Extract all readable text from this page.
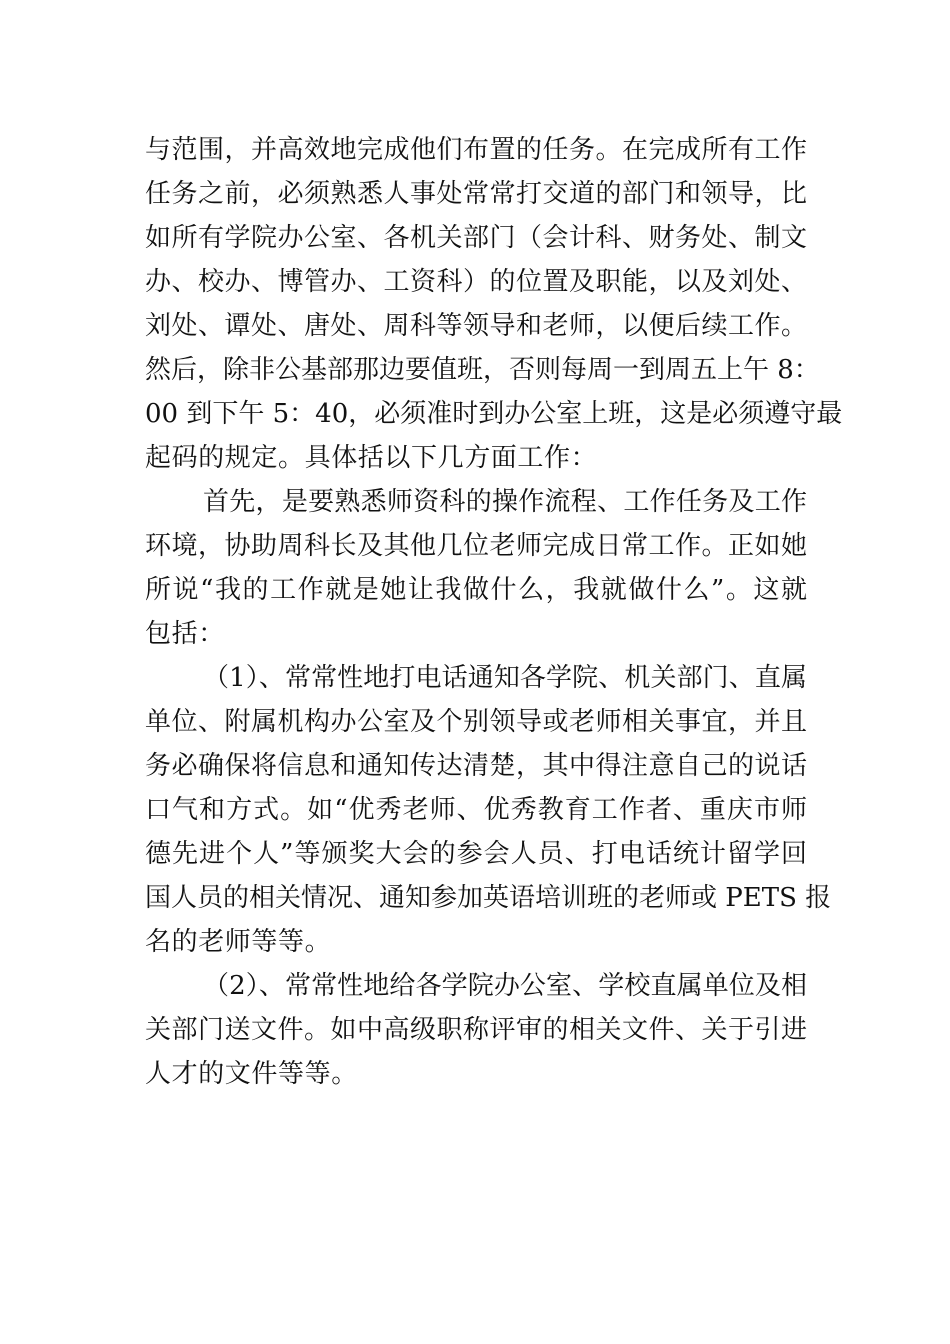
与范围，并高效地完成他们布置的任务。在完成所有工作
任务之前，必须熟悉人事处常常打交道的部门和领导，比
如所有学院办公室、各机关部门（会计科、财务处、制文
办、校办、博管办、工资科）的位置及职能，以及刘处、
刘处、谭处、唐处、周科等领导和老师，以便后续工作。
然后，除非公基部那边要值班，否则每周一到周五上午 8：
00 到下午 5：40，必须准时到办公室上班，这是必须遵守最
起码的规定。具体括以下几方面工作：
首先，是要熟悉师资科的操作流程、工作任务及工作
环境，协助周科长及其他几位老师完成日常工作。正如她
所说“我的工作就是她让我做什么，我就做什么”。这就
包括：
（1）、常常性地打电话通知各学院、机关部门、直属
单位、附属机构办公室及个别领导或老师相关事宜，并且
务必确保将信息和通知传达清楚，其中得注意自己的说话
口气和方式。如“优秀老师、优秀教育工作者、重庆市师
德先进个人”等颁奖大会的参会人员、打电话统计留学回
国人员的相关情况、通知参加英语培训班的老师或 PETS 报
名的老师等等。
（2）、常常性地给各学院办公室、学校直属单位及相
关部门送文件。如中高级职称评审的相关文件、关于引进
人才的文件等等。
